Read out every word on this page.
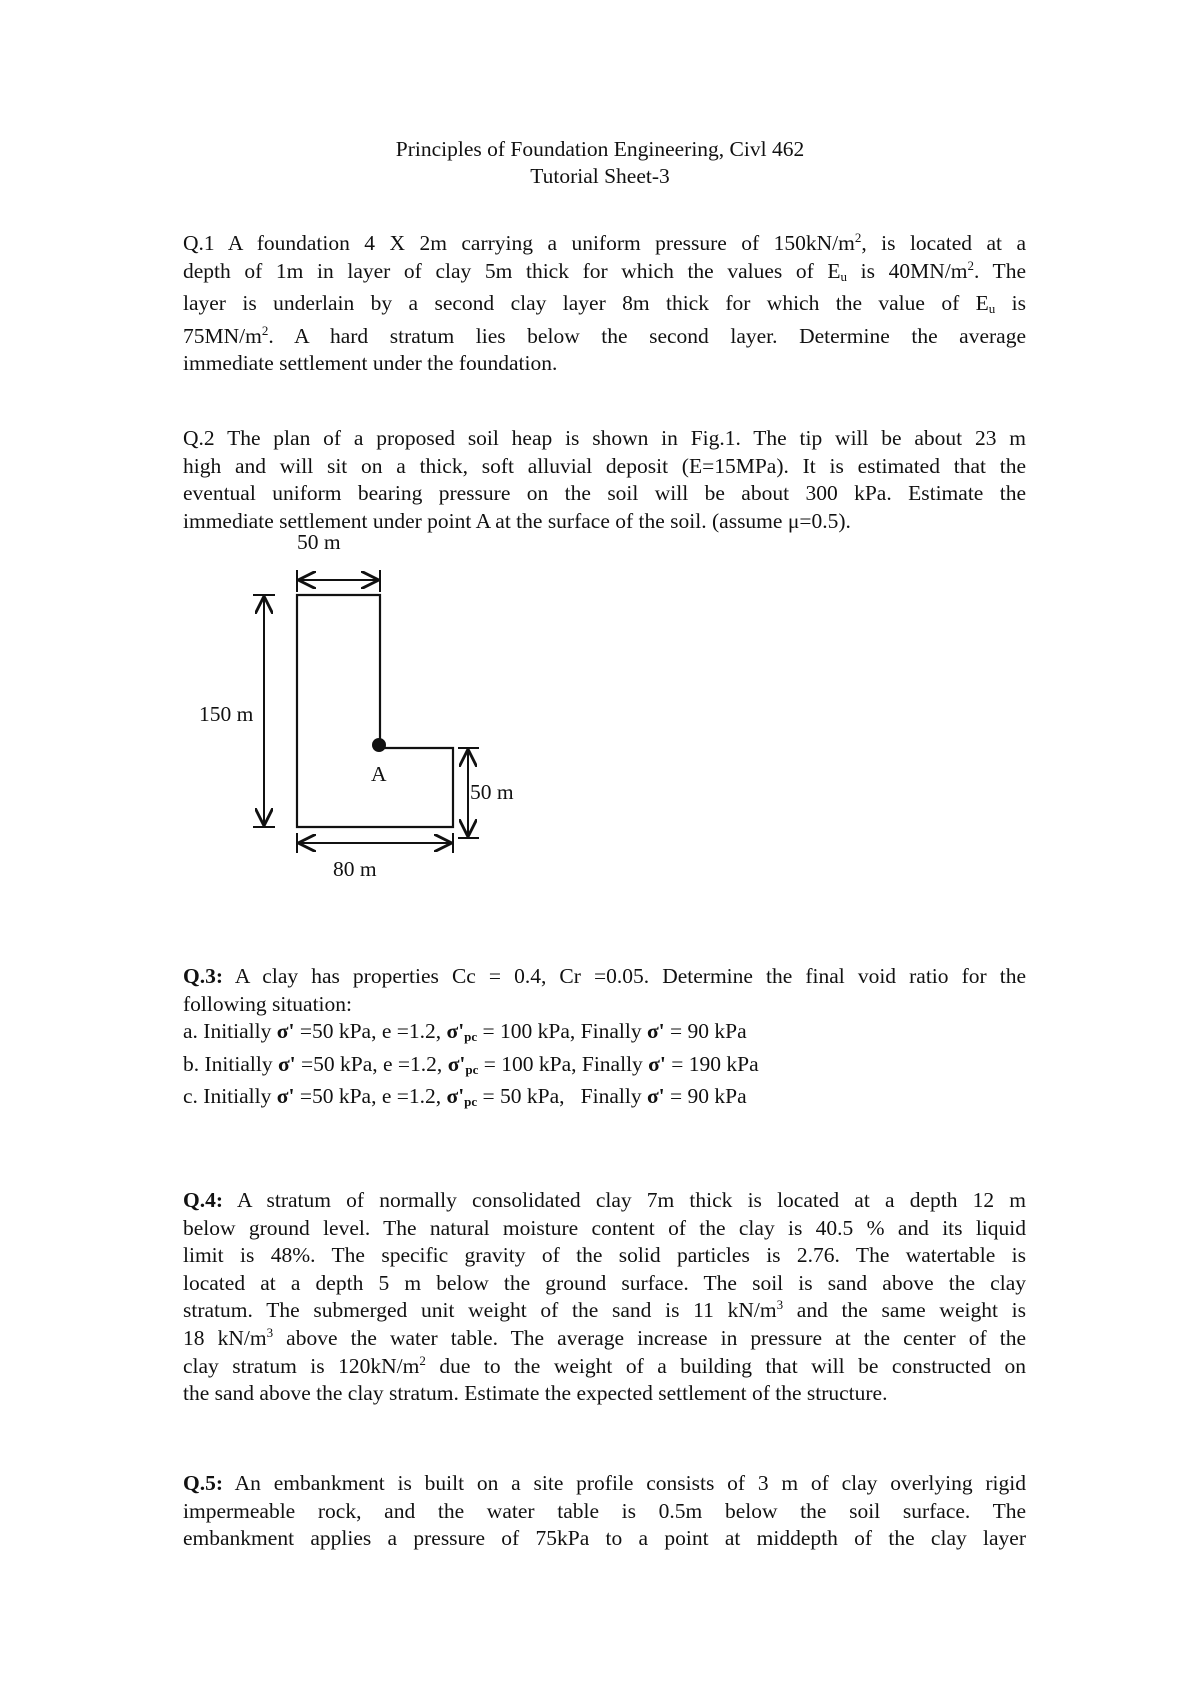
Principles of Foundation Engineering, Civl 462
Tutorial Sheet-3
Q.1 A foundation 4 X 2m carrying a uniform pressure of $150kN/m^2$, is located at a
depth of 1m in layer of clay 5m thick for which the values of $E_u$ is $40MN/m^2$. The
layer is underlain by a second clay layer 8m thick for which the value of $E_u$ is
$75MN/m^2$. A hard stratum lies below the second layer. Determine the average
immediate settlement under the foundation.
Q.2 The plan of a proposed soil heap is shown in Fig.1. The tip will be about 23 m
high and will sit on a thick, soft alluvial deposit (E=15MPa). It is estimated that the
eventual uniform bearing pressure on the soil will be about 300 kPa. Estimate the
immediate settlement under point A at the surface of the soil. (assume μ=0.5).
50 m
150 m
A
50 m
80 m
Q.3: A clay has properties Cc = 0.4, Cr =0.05. Determine the final void ratio for the
following situation:
a. Initially σ' =50 kPa, e =1.2, $\sigma'_{pc} = 100$ kPa, Finally σ' = 90 kPa
b. Initially σ' =50 kPa, e =1.2, $\sigma'_{pc} = 100$ kPa, Finally σ' = 190 kPa
c. Initially σ' =50 kPa, e =1.2, $\sigma'_{pc} = 50$ kPa,   Finally σ' = 90 kPa
Q.4: A stratum of normally consolidated clay 7m thick is located at a depth 12 m
below ground level. The natural moisture content of the clay is 40.5 % and its liquid
limit is 48%. The specific gravity of the solid particles is 2.76. The watertable is
located at a depth 5 m below the ground surface. The soil is sand above the clay
stratum. The submerged unit weight of the sand is 11 $kN/m^3$ and the same weight is
18 $kN/m^3$ above the water table. The average increase in pressure at the center of the
clay stratum is $120kN/m^2$ due to the weight of a building that will be constructed on
the sand above the clay stratum. Estimate the expected settlement of the structure.
Q.5: An embankment is built on a site profile consists of 3 m of clay overlying rigid
impermeable rock, and the water table is 0.5m below the soil surface. The
embankment applies a pressure of 75kPa to a point at middepth of the clay layer
